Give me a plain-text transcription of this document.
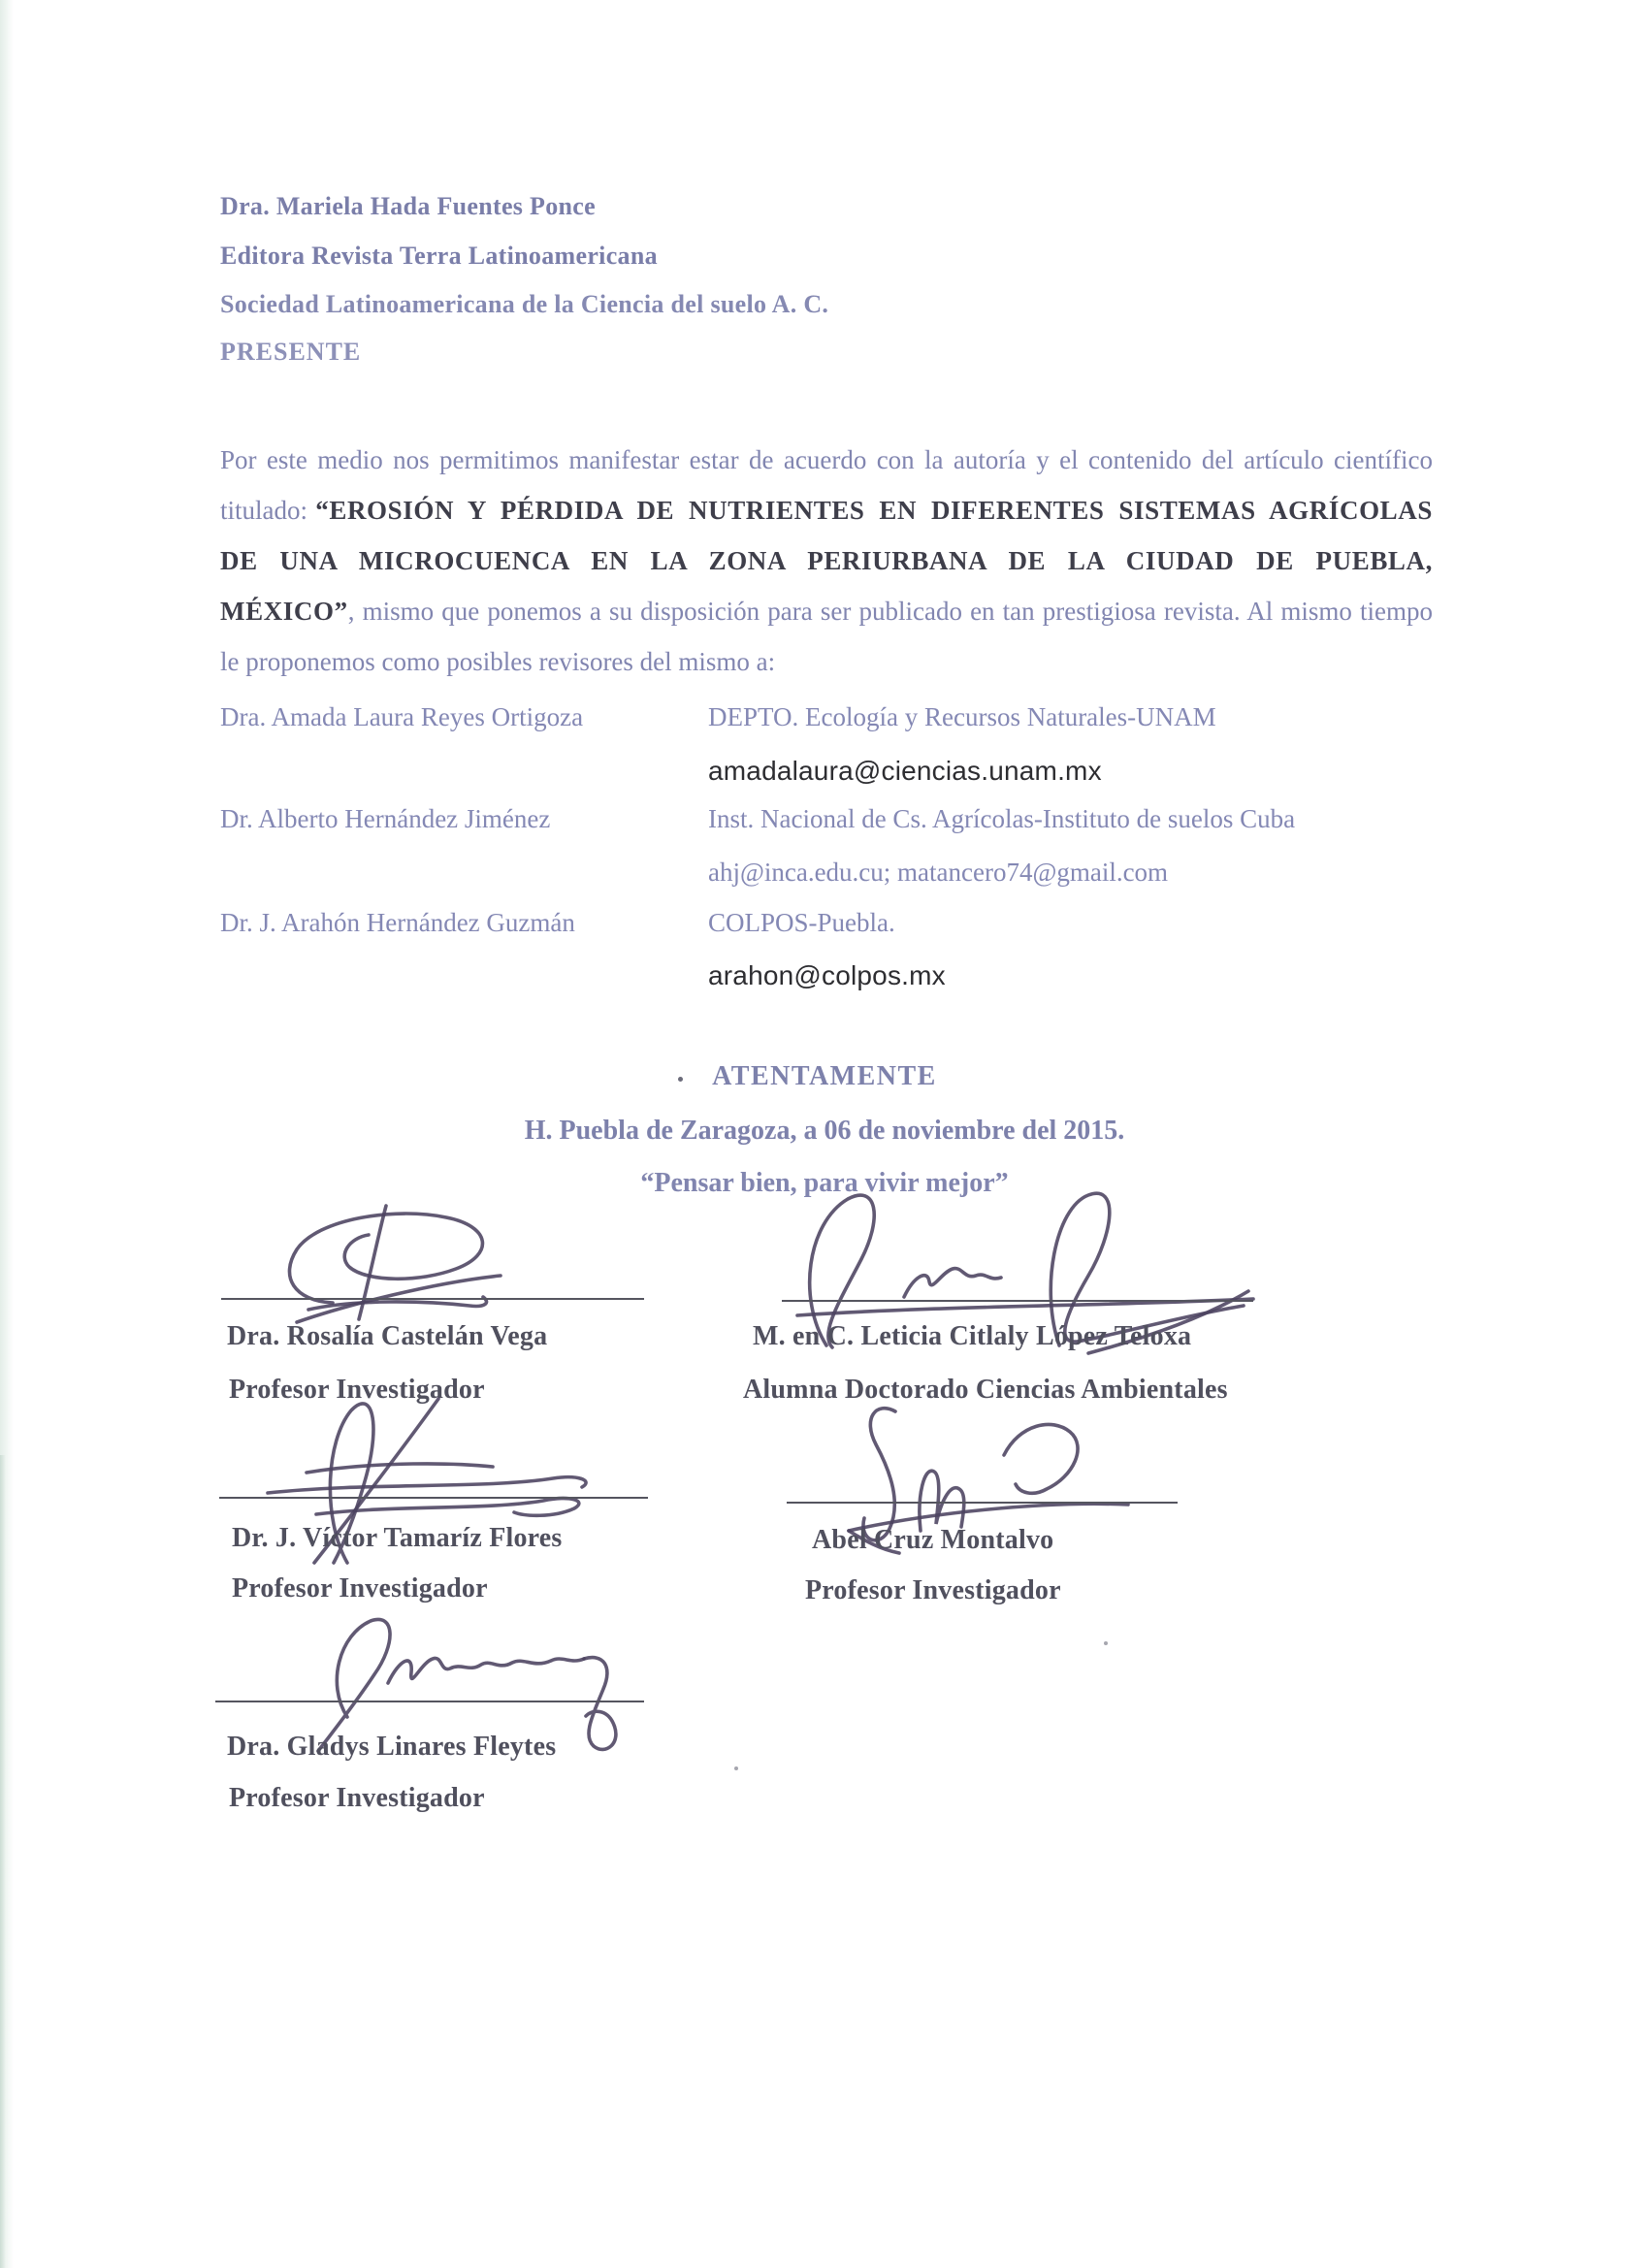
Dra. Mariela Hada Fuentes Ponce
Editora Revista Terra Latinoamericana
Sociedad Latinoamericana de la Ciencia del suelo A. C.
PRESENTE
Por este medio nos permitimos manifestar estar de acuerdo con la autoría y el contenido del artículo científico titulado: “EROSIÓN Y PÉRDIDA DE NUTRIENTES EN DIFERENTES SISTEMAS AGRÍCOLAS DE UNA MICROCUENCA EN LA ZONA PERIURBANA DE LA CIUDAD DE PUEBLA, MÉXICO”, mismo que ponemos a su disposición para ser publicado en tan prestigiosa revista. Al mismo tiempo le proponemos como posibles revisores del mismo a:
Dra. Amada Laura Reyes Ortigoza	DEPTO. Ecología y Recursos Naturales-UNAM
amadalaura@ciencias.unam.mx
Dr. Alberto Hernández Jiménez	Inst. Nacional de Cs. Agrícolas-Instituto de suelos Cuba
ahj@inca.edu.cu; matancero74@gmail.com
Dr. J. Arahón Hernández Guzmán	COLPOS-Puebla.
arahon@colpos.mx
ATENTAMENTE
H. Puebla de Zaragoza, a 06 de noviembre del 2015.
“Pensar bien, para vivir mejor”
Dra. Rosalía Castelán Vega	M. en C. Leticia Citlaly López Teloxa
Profesor Investigador	Alumna Doctorado Ciencias Ambientales
Dr. J. Víctor Tamaríz Flores	Abel Cruz Montalvo
Profesor Investigador	Profesor Investigador
Dra. Gladys Linares Fleytes
Profesor Investigador
